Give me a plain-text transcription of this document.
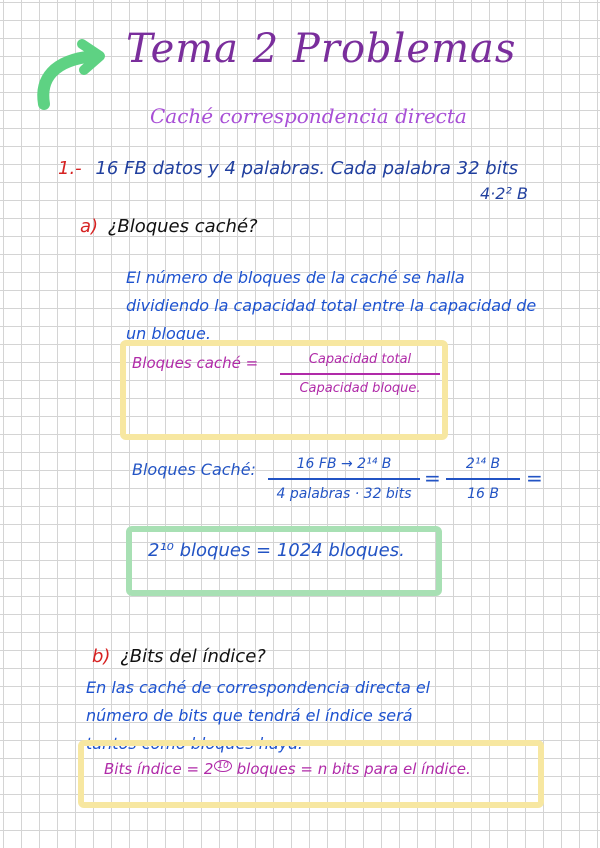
Tema 2 Problemas
Caché correspondencia directa
1.- 16 FB datos y 4 palabras. Cada palabra 32 bits
4·2² B
a) ¿Bloques caché?
El número de bloques de la caché se halla
dividiendo la capacidad total entre la capacidad de
un bloque.
Bloques caché =	Capacidad total
Capacidad bloque.
Bloques Caché:	16 FB → 2¹⁴ B
4 palabras · 32 bits
=
2¹⁴ B
16 B
=
2¹⁰ bloques = 1024 bloques.
b) ¿Bits del índice?
En las caché de correspondencia directa el
número de bits que tendrá el índice será
tantos como bloques haya:
Bits índice = 2 10 bloques = n bits para el índice.
